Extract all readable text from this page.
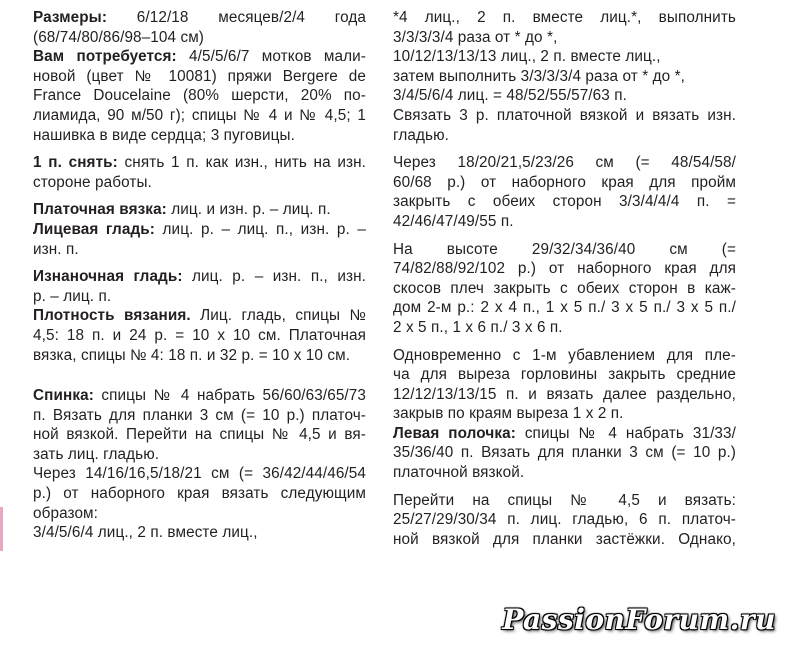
Размеры: 6/12/18 месяцев/2/4 года
(68/74/80/86/98–104 см)
Вам потребуется: 4/5/5/6/7 мотков мали-
новой (цвет № 10081) пряжи Bergere de
France Doucelaine (80% шерсти, 20% по-
лиамида, 90 м/50 г); спицы № 4 и № 4,5; 1
нашивка в виде сердца; 3 пуговицы.
1 п. снять: снять 1 п. как изн., нить на изн.
стороне работы.
Платочная вязка: лиц. и изн. р. – лиц. п.
Лицевая гладь: лиц. р. – лиц. п., изн. р. –
изн. п.
Изнаночная гладь: лиц. р. – изн. п., изн.
р. – лиц. п.
Плотность вязания. Лиц. гладь, спицы №
4,5: 18 п. и 24 р. = 10 х 10 см. Платочная
вязка, спицы № 4: 18 п. и 32 р. = 10 х 10 см.
Спинка: спицы № 4 набрать 56/60/63/65/73
п. Вязать для планки 3 см (= 10 р.) платоч-
ной вязкой. Перейти на спицы № 4,5 и вя-
зать лиц. гладью.
Через 14/16/16,5/18/21 см (= 36/42/44/46/54
р.) от наборного края вязать следующим
образом:
3/4/5/6/4 лиц., 2 п. вместе лиц.,
*4 лиц., 2 п. вместе лиц.*, выполнить
3/3/3/3/4 раза от * до *,
10/12/13/13/13 лиц., 2 п. вместе лиц.,
затем выполнить 3/3/3/3/4 раза от * до *,
3/4/5/6/4 лиц. = 48/52/55/57/63 п.
Связать 3 р. платочной вязкой и вязать изн.
гладью.
Через 18/20/21,5/23/26 см (= 48/54/58/
60/68 р.) от наборного края для пройм
закрыть с обеих сторон 3/3/4/4/4 п. =
42/46/47/49/55 п.
На высоте 29/32/34/36/40 см (=
74/82/88/92/102 р.) от наборного края для
скосов плеч закрыть с обеих сторон в каж-
дом 2-м р.: 2 х 4 п., 1 х 5 п./ 3 х 5 п./ 3 х 5 п./
2 х 5 п., 1 х 6 п./ 3 х 6 п.
Одновременно с 1-м убавлением для пле-
ча для выреза горловины закрыть средние
12/12/13/13/15 п. и вязать далее раздельно,
закрыв по краям выреза 1 х 2 п.
Левая полочка: спицы № 4 набрать 31/33/
35/36/40 п. Вязать для планки 3 см (= 10 р.)
платочной вязкой.
Перейти на спицы № 4,5 и вязать:
25/27/29/30/34 п. лиц. гладью, 6 п. платоч-
ной вязкой для планки застёжки. Однако,
PassionForum.ru
